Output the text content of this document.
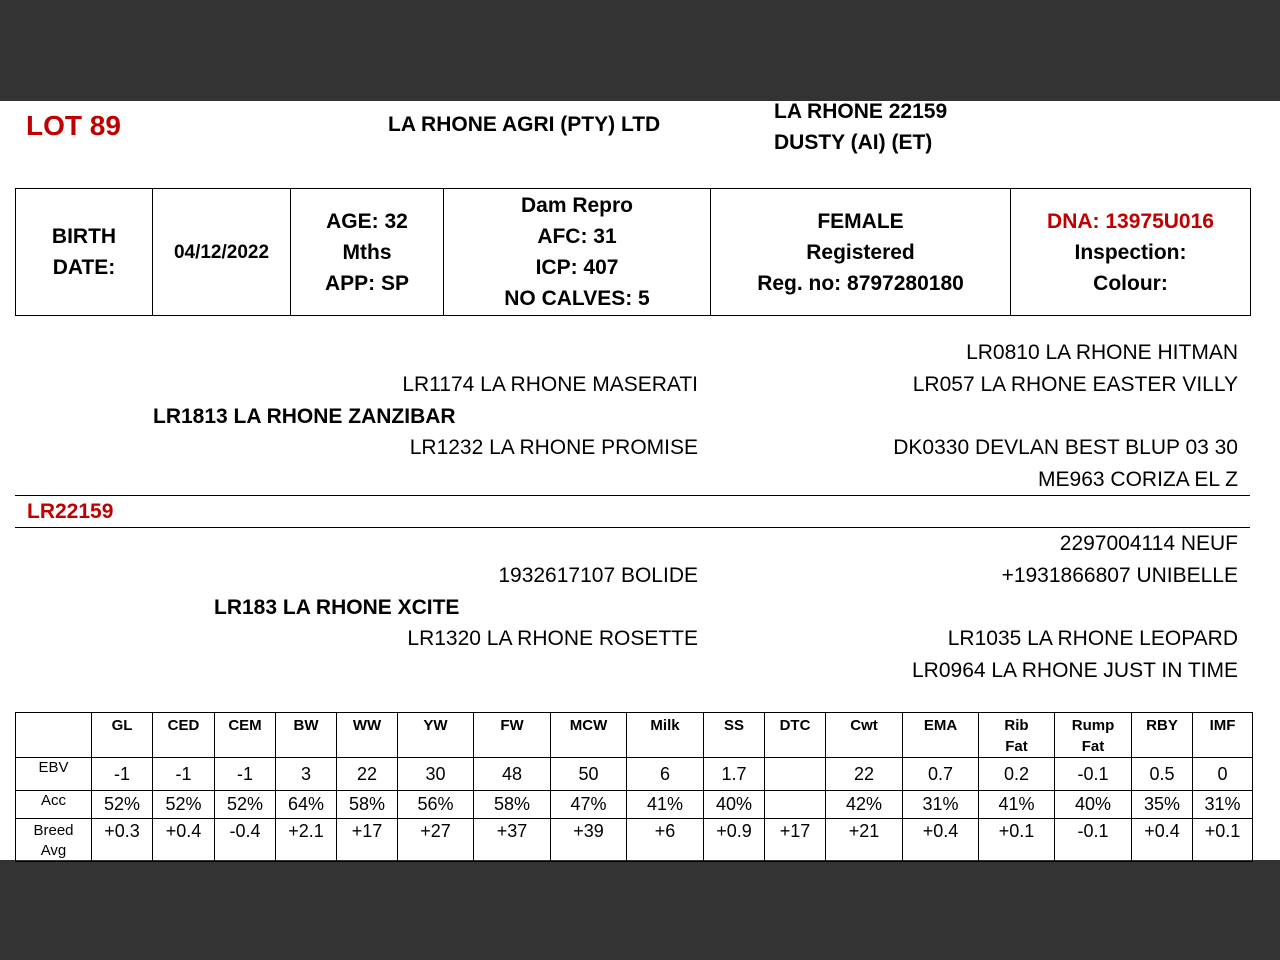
LOT 89	LA RHONE AGRI (PTY) LTD
LA RHONE 22159
DUSTY (AI) (ET)
BIRTH
DATE:

04/12/2022

AGE: 32
Mths
APP: SP

Dam Repro
AFC: 31
ICP: 407
NO CALVES: 5

FEMALE
Registered
Reg. no: 8797280180

DNA: 13975U016
Inspection:
Colour:
LR0810 LA RHONE HITMAN
LR1174 LA RHONE MASERATI	LR057 LA RHONE EASTER VILLY
LR1813 LA RHONE ZANZIBAR
LR1232 LA RHONE PROMISE	DK0330 DEVLAN BEST BLUP 03 30
ME963 CORIZA EL Z
LR22159
2297004114 NEUF
1932617107 BOLIDE	+1931866807 UNIBELLE
LR183 LA RHONE XCITE
LR1320 LA RHONE ROSETTE	LR1035 LA RHONE LEOPARD
LR0964 LA RHONE JUST IN TIME
	GL	CED	CEM	BW	WW	YW	FW	MCW	Milk	SS	DTC	Cwt	EMA	Rib
Fat	Rump
Fat	RBY	IMF
EBV	-1	-1	-1	3	22	30	48	50	6	1.7		22	0.7	0.2	-0.1	0.5	0
Acc	52%	52%	52%	64%	58%	56%	58%	47%	41%	40%		42%	31%	41%	40%	35%	31%
Breed
Avg	+0.3	+0.4	-0.4	+2.1	+17	+27	+37	+39	+6	+0.9	+17	+21	+0.4	+0.1	-0.1	+0.4	+0.1
